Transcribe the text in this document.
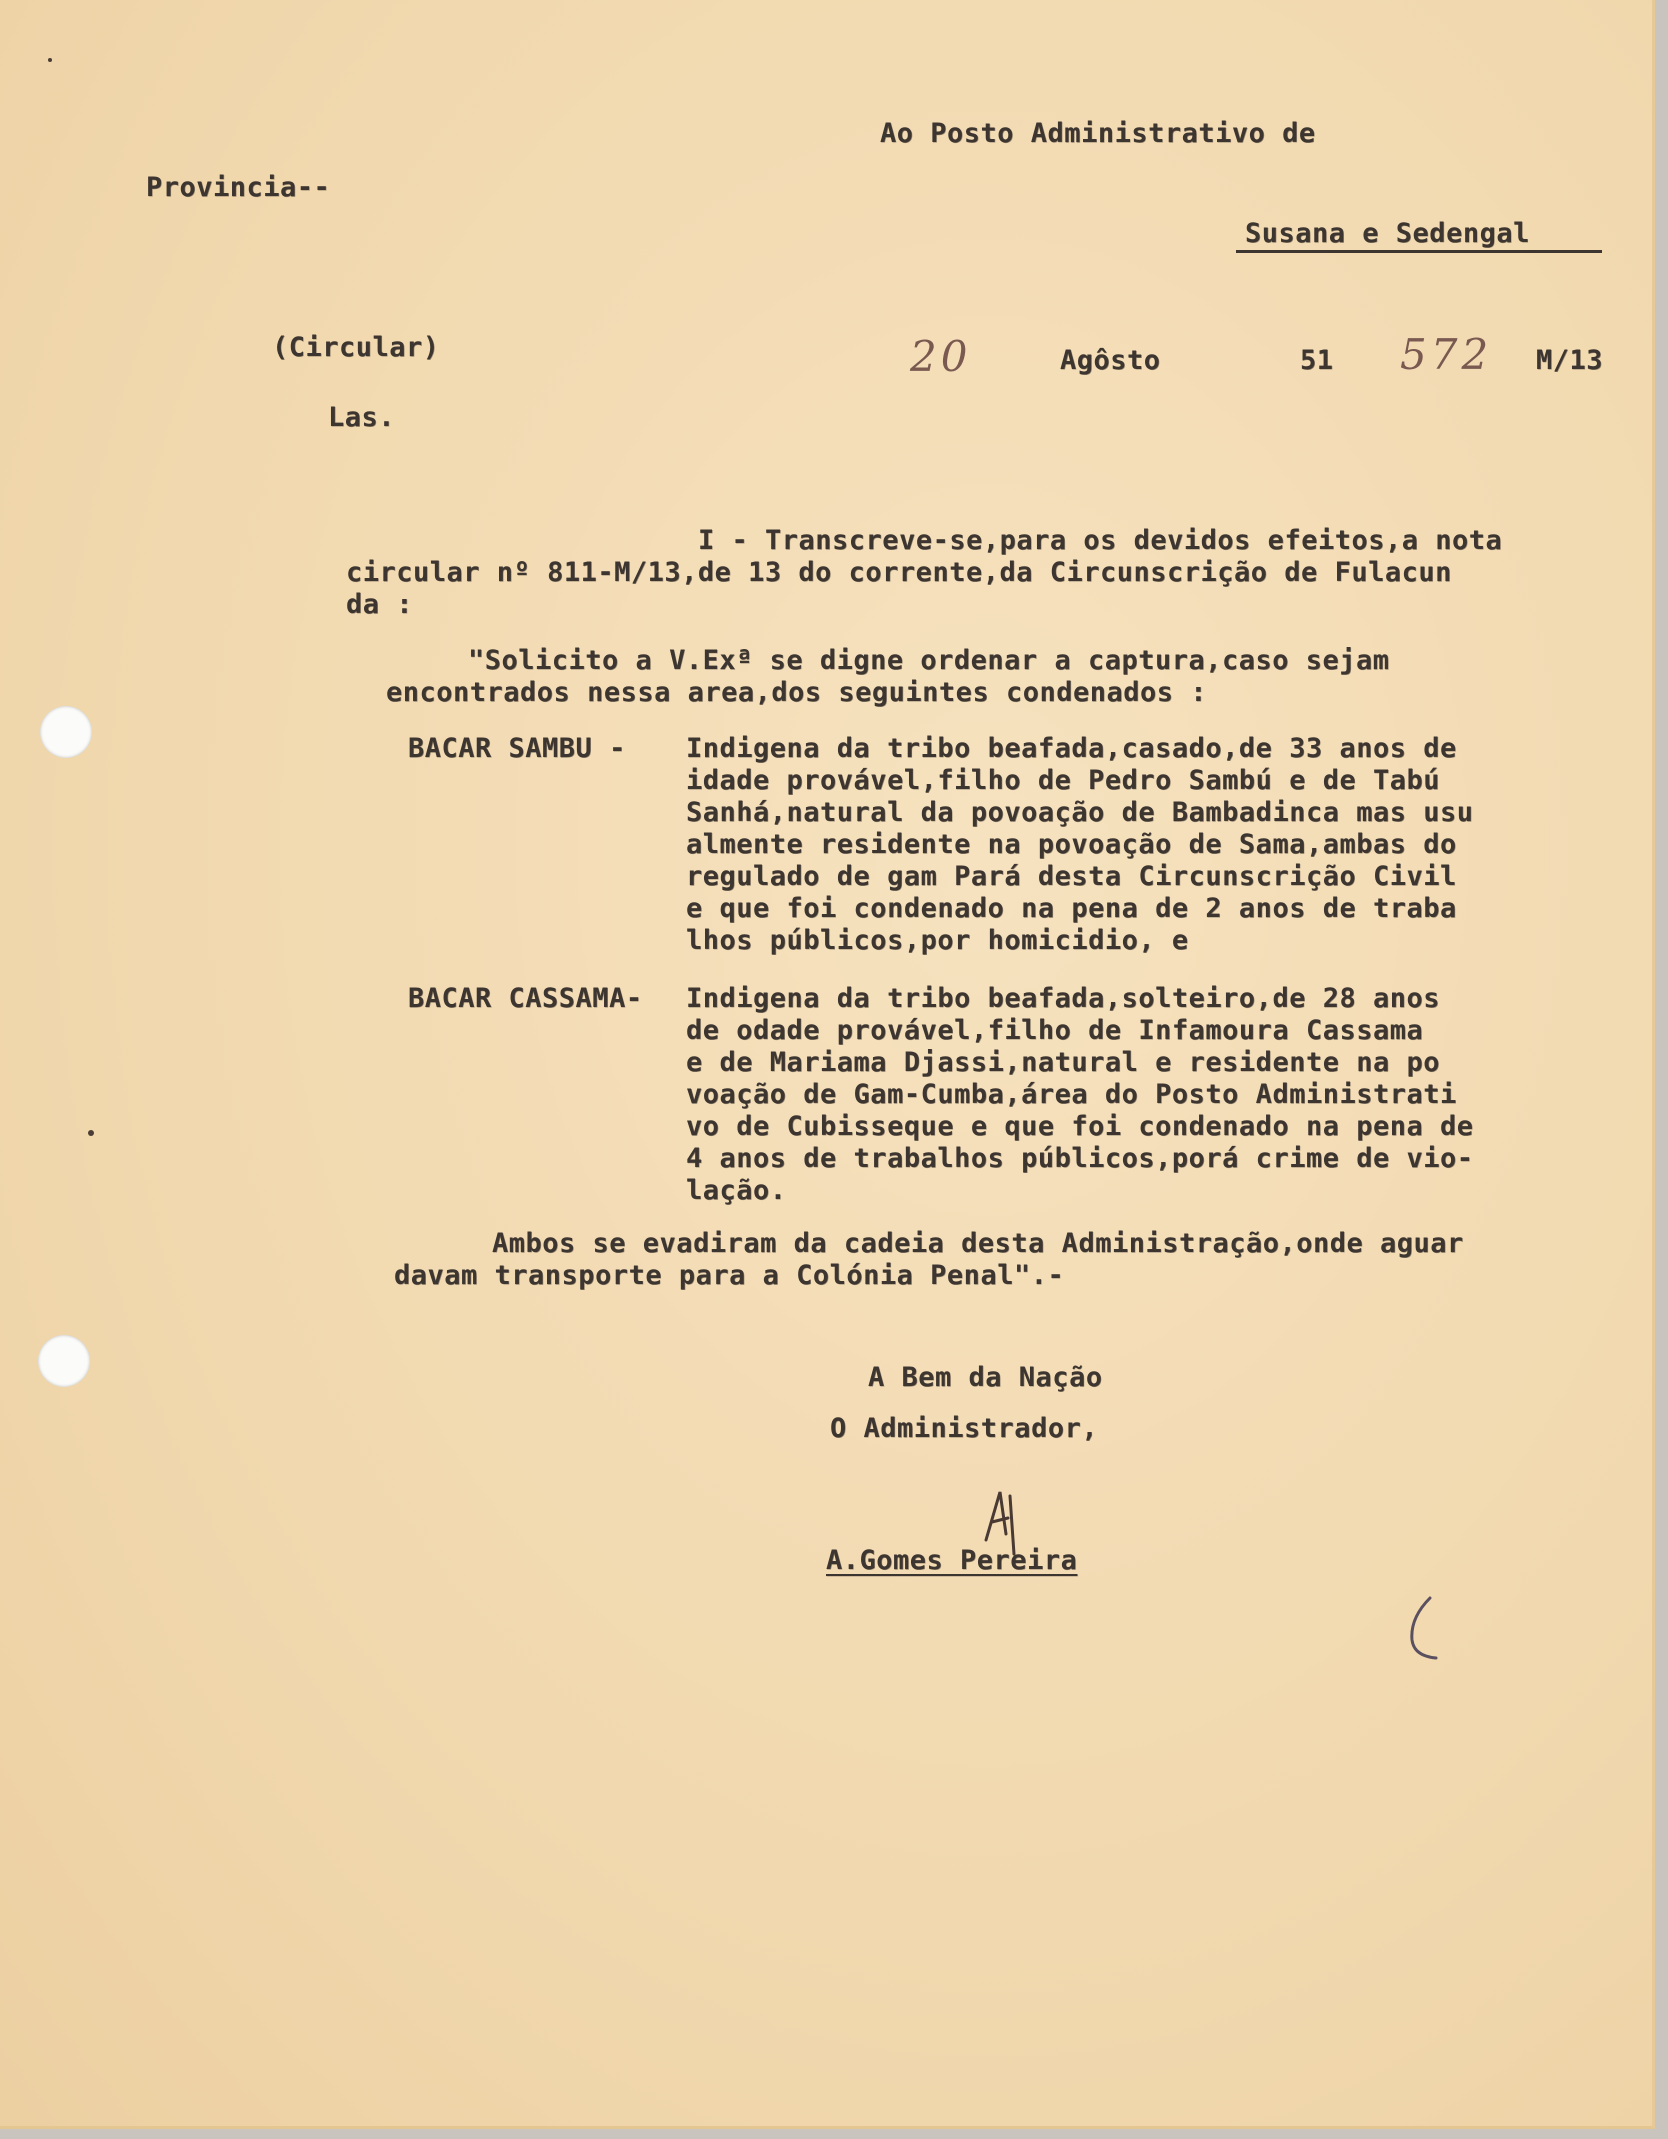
Ao Posto Administrativo de
Provincia--
Susana e Sedengal
(Circular)	20	Agôsto	51 572 M/13
Las.
I - Transcreve-se,para os devidos efeitos,a nota
circular nº 811-M/13,de 13 do corrente,da Circunscrição de Fulacun
da :
"Solicito a V.Exª se digne ordenar a captura,caso sejam
encontrados nessa area,dos seguintes condenados :
BACAR SAMBU - Indigena da tribo beafada,casado,de 33 anos de
idade provável,filho de Pedro Sambú e de Tabú
Sanhá,natural da povoação de Bambadinca mas usu
almente residente na povoação de Sama,ambas do
regulado de gam Pará desta Circunscrição Civil
e que foi condenado na pena de 2 anos de traba
lhos públicos,por homicidio, e
BACAR CASSAMA- Indigena da tribo beafada,solteiro,de 28 anos
de odade provável,filho de Infamoura Cassama
e de Mariama Djassi,natural e residente na po
voação de Gam-Cumba,área do Posto Administrati
vo de Cubisseque e que foi condenado na pena de
4 anos de trabalhos públicos,porá crime de vio-
lação.
Ambos se evadiram da cadeia desta Administração,onde aguar
davam transporte para a Colónia Penal".-
A Bem da Nação
O Administrador,
A.Gomes Pereira
